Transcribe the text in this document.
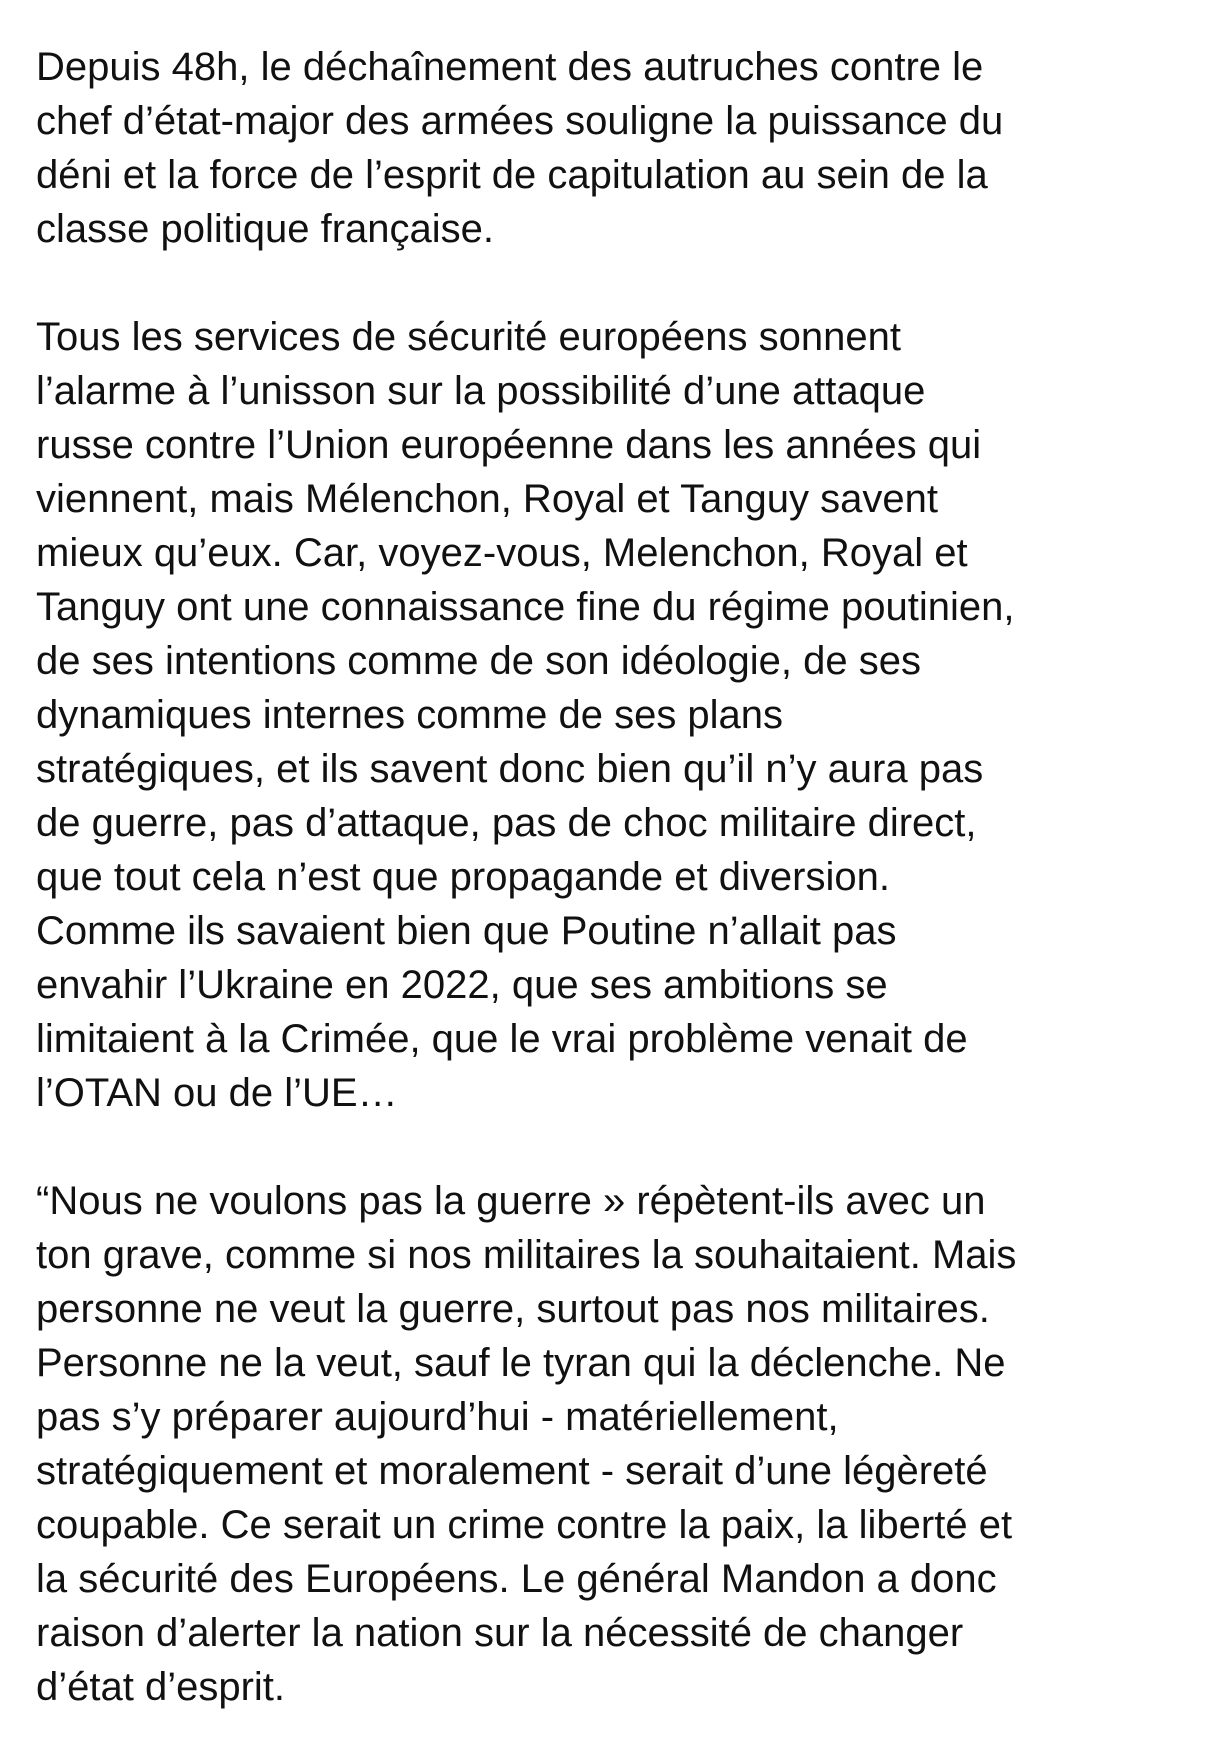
Depuis 48h, le déchaînement des autruches contre le
chef d’état-major des armées souligne la puissance du
déni et la force de l’esprit de capitulation au sein de la
classe politique française.

Tous les services de sécurité européens sonnent
l’alarme à l’unisson sur la possibilité d’une attaque
russe contre l’Union européenne dans les années qui
viennent, mais Mélenchon, Royal et Tanguy savent
mieux qu’eux. Car, voyez-vous, Melenchon, Royal et
Tanguy ont une connaissance fine du régime poutinien,
de ses intentions comme de son idéologie, de ses
dynamiques internes comme de ses plans
stratégiques, et ils savent donc bien qu’il n’y aura pas
de guerre, pas d’attaque, pas de choc militaire direct,
que tout cela n’est que propagande et diversion.
Comme ils savaient bien que Poutine n’allait pas
envahir l’Ukraine en 2022, que ses ambitions se
limitaient à la Crimée, que le vrai problème venait de
l’OTAN ou de l’UE…

“Nous ne voulons pas la guerre » répètent-ils avec un
ton grave, comme si nos militaires la souhaitaient. Mais
personne ne veut la guerre, surtout pas nos militaires.
Personne ne la veut, sauf le tyran qui la déclenche. Ne
pas s’y préparer aujourd’hui - matériellement,
stratégiquement et moralement - serait d’une légèreté
coupable. Ce serait un crime contre la paix, la liberté et
la sécurité des Européens. Le général Mandon a donc
raison d’alerter la nation sur la nécessité de changer
d’état d’esprit.
